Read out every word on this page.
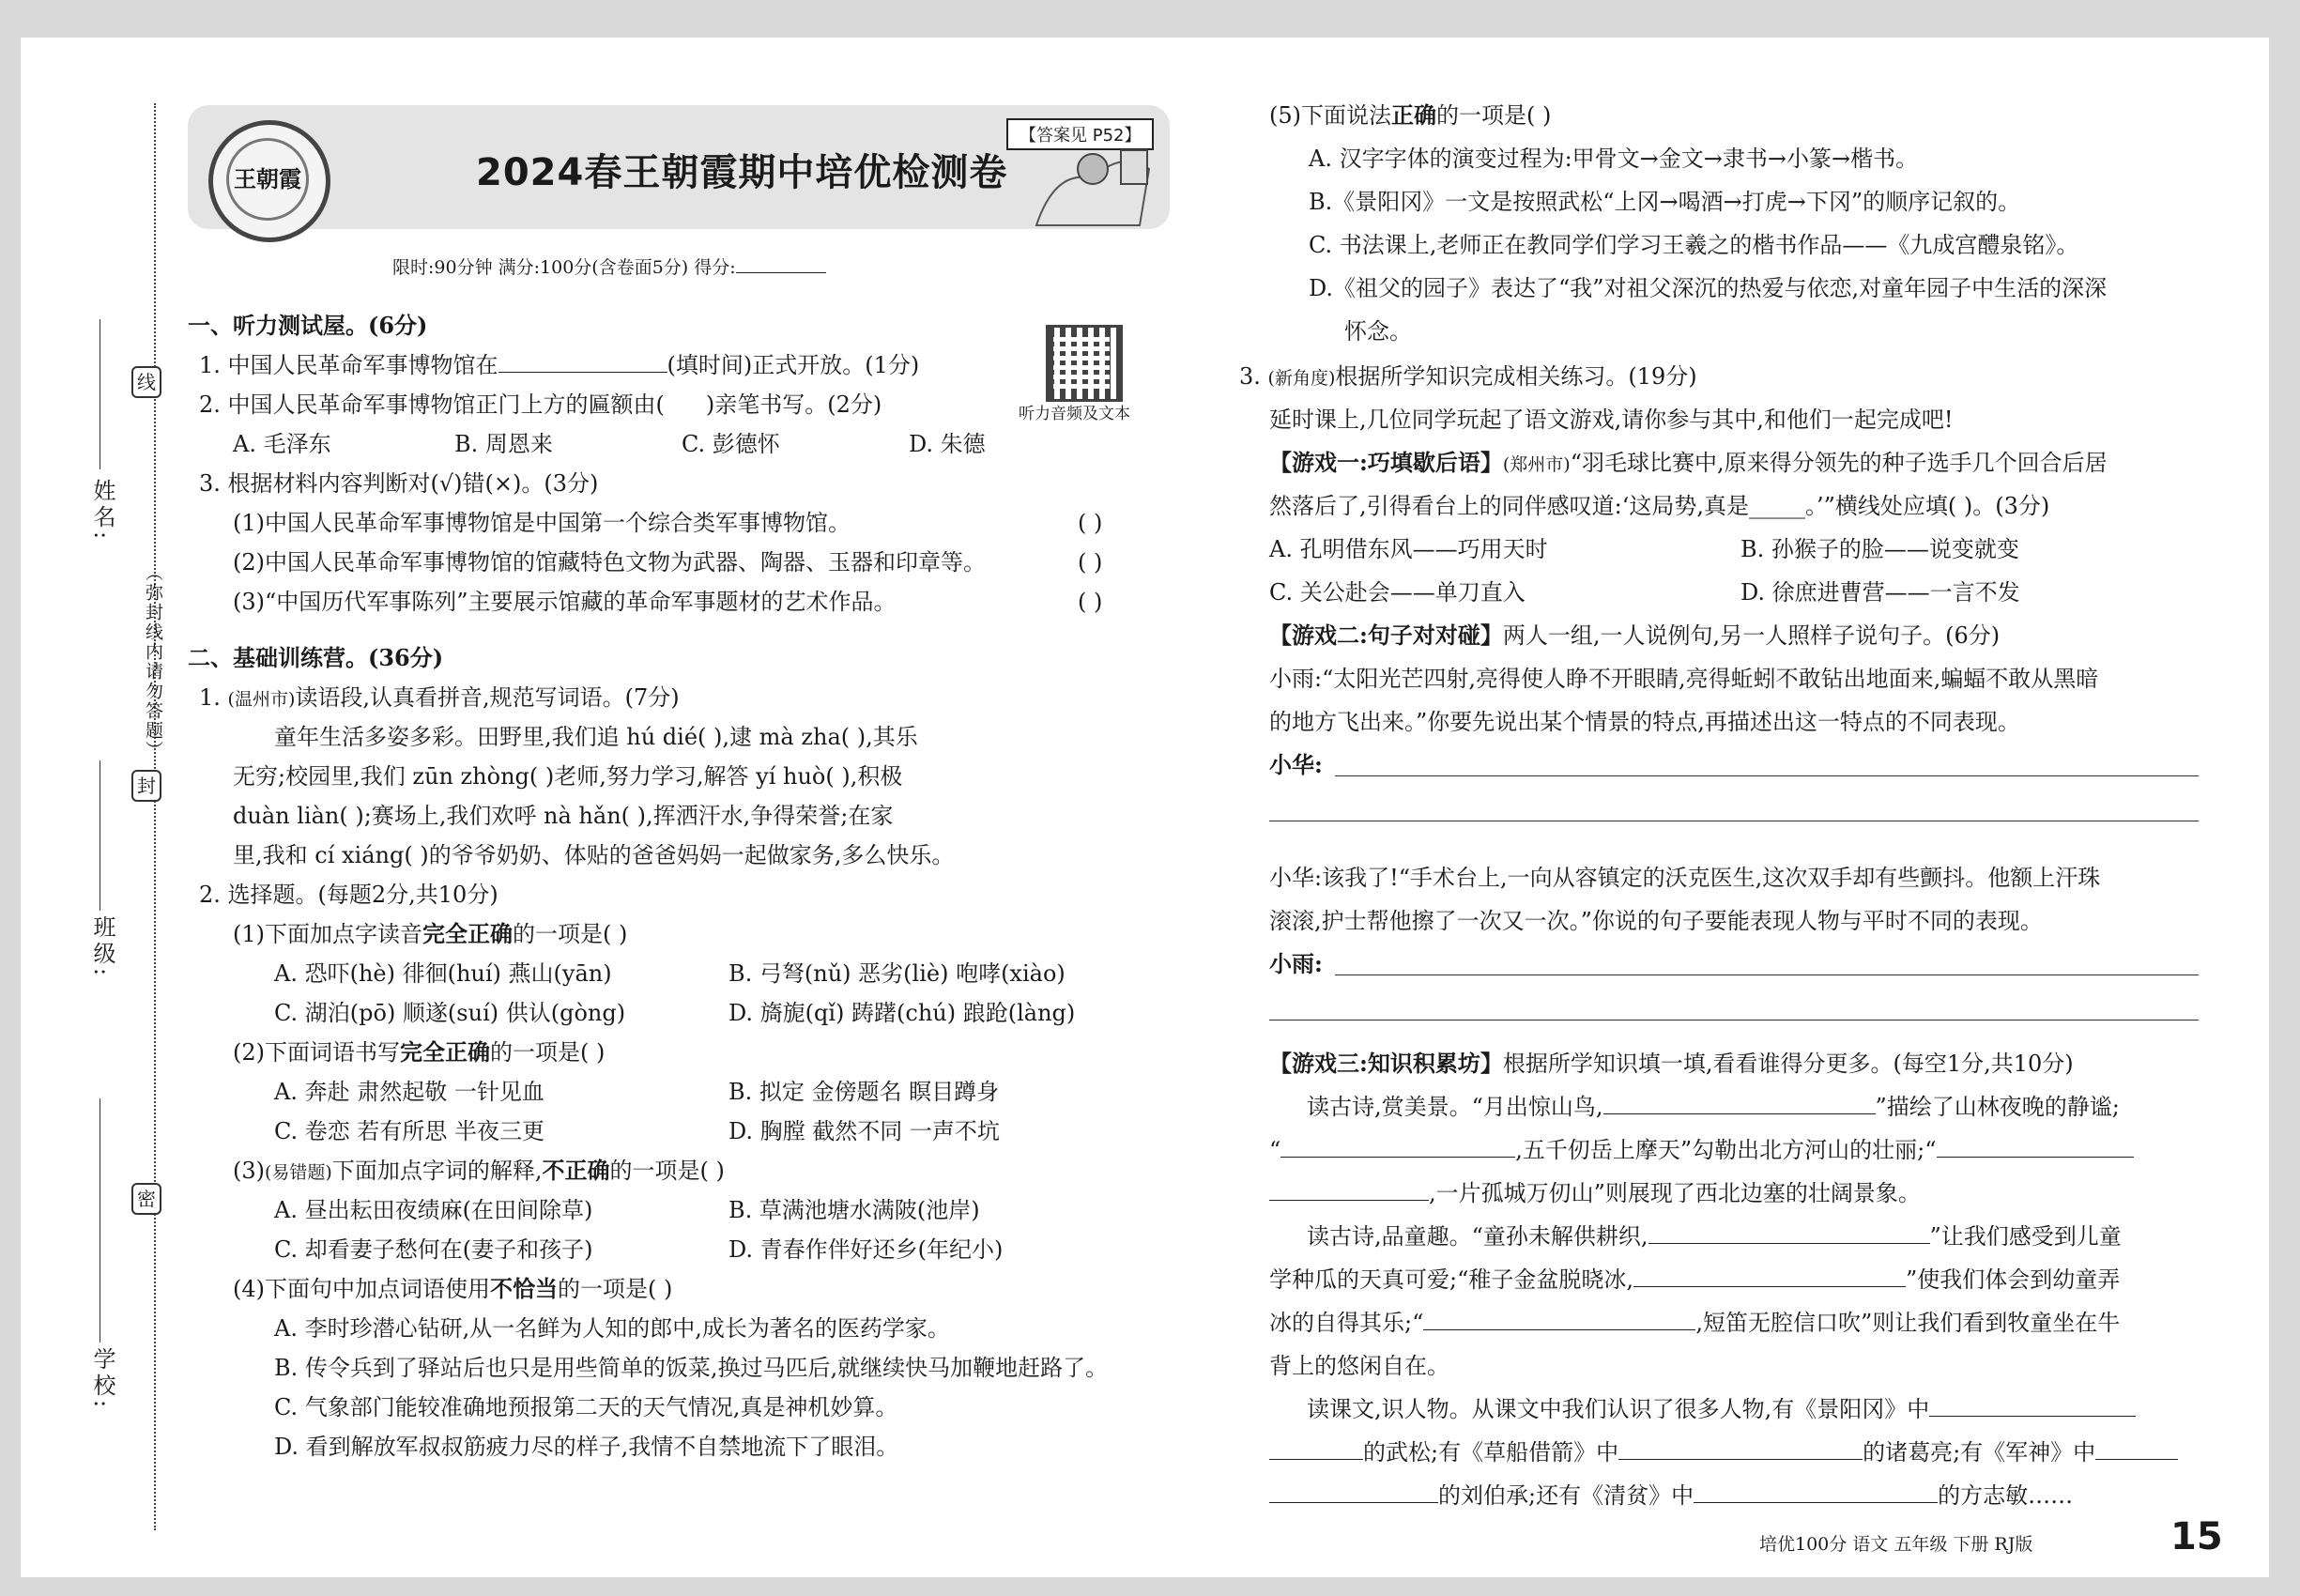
姓名:
班级:
学校:
（弥封线内请勿答题）
线
封
密
王朝霞
【答案见 P52】
2024春王朝霞期中培优检测卷
限时:90分钟 满分:100分(含卷面5分) 得分:
听力音频及文本
一、听力测试屋。(6分)
1. 中国人民革命军事博物馆在	(填时间)正式开放。(1分)
2. 中国人民革命军事博物馆正门上方的匾额由( )亲笔书写。(2分)
A. 毛泽东	B. 周恩来	C. 彭德怀	D. 朱德
3. 根据材料内容判断对(√)错(×)。(3分)
(1)中国人民革命军事博物馆是中国第一个综合类军事博物馆。	( )
(2)中国人民革命军事博物馆的馆藏特色文物为武器、陶器、玉器和印章等。	( )
(3)“中国历代军事陈列”主要展示馆藏的革命军事题材的艺术作品。	( )
二、基础训练营。(36分)
1. (温州市)读语段,认真看拼音,规范写词语。(7分)
童年生活多姿多彩。田野里,我们追 hú dié( ),逮 mà zha( ),其乐
无穷;校园里,我们 zūn zhòng( )老师,努力学习,解答 yí huò( ),积极
duàn liàn( );赛场上,我们欢呼 nà hǎn( ),挥洒汗水,争得荣誉;在家
里,我和 cí xiáng( )的爷爷奶奶、体贴的爸爸妈妈一起做家务,多么快乐。
2. 选择题。(每题2分,共10分)
(1)下面加点字读音完全正确的一项是( )
A. 恐吓(hè) 徘徊(huí) 燕山(yān)	B. 弓弩(nǔ) 恶劣(liè) 咆哮(xiào)
C. 湖泊(pō) 顺遂(suí) 供认(gòng)	D. 旖旎(qǐ) 踌躇(chú) 踉跄(làng)
(2)下面词语书写完全正确的一项是( )
A. 奔赴 肃然起敬 一针见血	B. 拟定 金傍题名 瞑目蹲身
C. 卷恋 若有所思 半夜三更	D. 胸膛 截然不同 一声不坑
(3)(易错题)下面加点字词的解释,不正确的一项是( )
A. 昼出耘田夜绩麻(在田间除草)	B. 草满池塘水满陂(池岸)
C. 却看妻子愁何在(妻子和孩子)	D. 青春作伴好还乡(年纪小)
(4)下面句中加点词语使用不恰当的一项是( )
A. 李时珍潜心钻研,从一名鲜为人知的郎中,成长为著名的医药学家。
B. 传令兵到了驿站后也只是用些简单的饭菜,换过马匹后,就继续快马加鞭地赶路了。
C. 气象部门能较准确地预报第二天的天气情况,真是神机妙算。
D. 看到解放军叔叔筋疲力尽的样子,我情不自禁地流下了眼泪。
(5)下面说法正确的一项是( )
A. 汉字字体的演变过程为:甲骨文→金文→隶书→小篆→楷书。
B.《景阳冈》一文是按照武松“上冈→喝酒→打虎→下冈”的顺序记叙的。
C. 书法课上,老师正在教同学们学习王羲之的楷书作品——《九成宫醴泉铭》。
D.《祖父的园子》表达了“我”对祖父深沉的热爱与依恋,对童年园子中生活的深深
怀念。
3. (新角度)根据所学知识完成相关练习。(19分)
延时课上,几位同学玩起了语文游戏,请你参与其中,和他们一起完成吧!
【游戏一:巧填歇后语】(郑州市)“羽毛球比赛中,原来得分领先的种子选手几个回合后居
然落后了,引得看台上的同伴感叹道:‘这局势,真是_____。’”横线处应填( )。(3分)
A. 孔明借东风——巧用天时	B. 孙猴子的脸——说变就变
C. 关公赴会——单刀直入	D. 徐庶进曹营——一言不发
【游戏二:句子对对碰】两人一组,一人说例句,另一人照样子说句子。(6分)
小雨:“太阳光芒四射,亮得使人睁不开眼睛,亮得蚯蚓不敢钻出地面来,蝙蝠不敢从黑暗
的地方飞出来。”你要先说出某个情景的特点,再描述出这一特点的不同表现。
小华:
小华:该我了!“手术台上,一向从容镇定的沃克医生,这次双手却有些颤抖。他额上汗珠
滚滚,护士帮他擦了一次又一次。”你说的句子要能表现人物与平时不同的表现。
小雨:
【游戏三:知识积累坊】根据所学知识填一填,看看谁得分更多。(每空1分,共10分)
读古诗,赏美景。“月出惊山鸟,	”描绘了山林夜晚的静谧;
“	,五千仞岳上摩天”勾勒出北方河山的壮丽;“
,一片孤城万仞山”则展现了西北边塞的壮阔景象。
读古诗,品童趣。“童孙未解供耕织,	”让我们感受到儿童
学种瓜的天真可爱;“稚子金盆脱晓冰,	”使我们体会到幼童弄
冰的自得其乐;“	,短笛无腔信口吹”则让我们看到牧童坐在牛
背上的悠闲自在。
读课文,识人物。从课文中我们认识了很多人物,有《景阳冈》中
的武松;有《草船借箭》中	的诸葛亮;有《军神》中
的刘伯承;还有《清贫》中	的方志敏……
培优100分 语文 五年级 下册 RJ版	15
